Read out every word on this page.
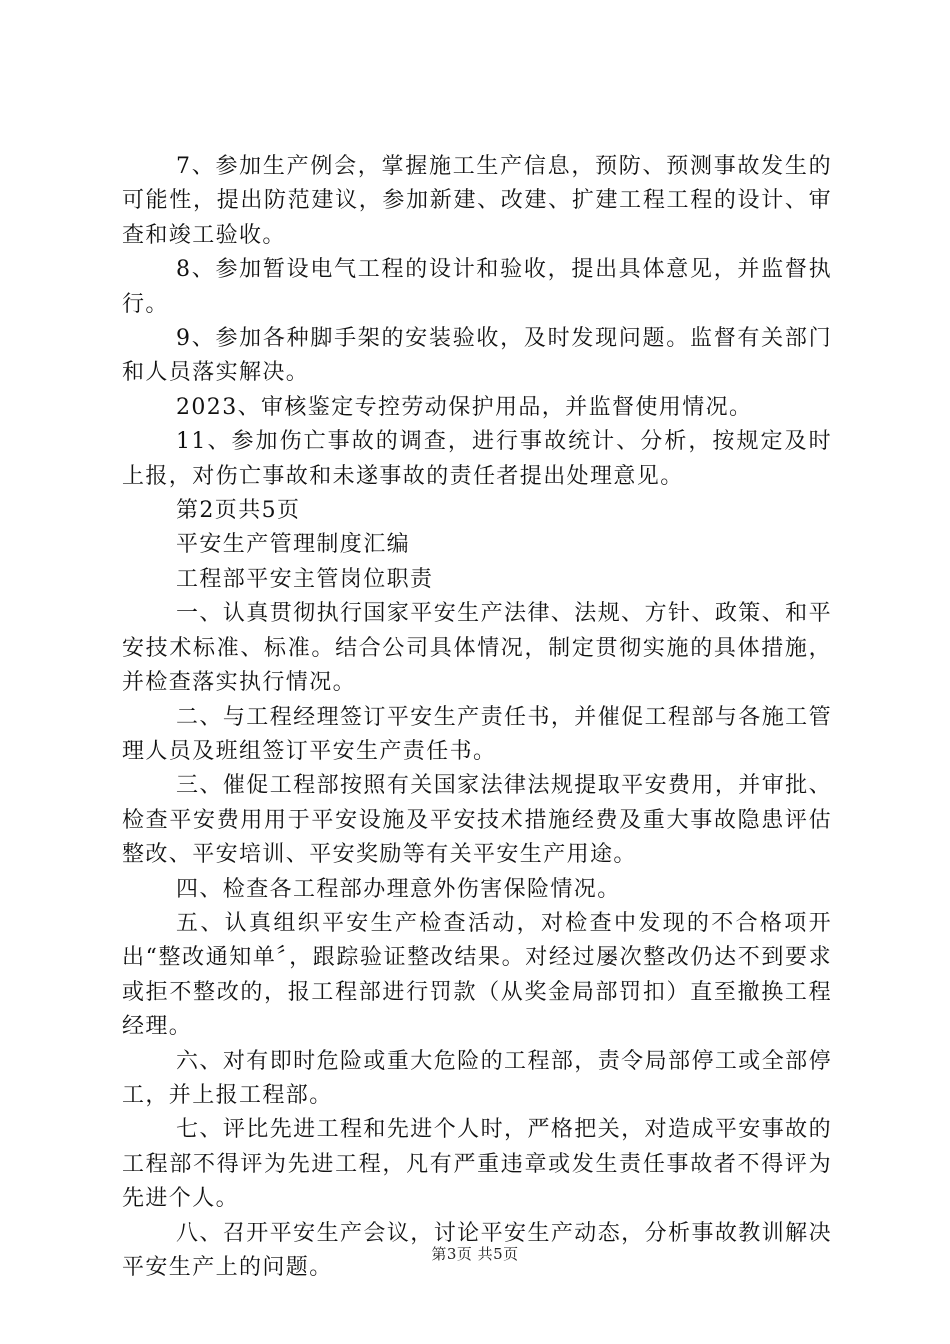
7、参加生产例会，掌握施工生产信息，预防、预测事故发生的可能性，提出防范建议，参加新建、改建、扩建工程工程的设计、审查和竣工验收。

8、参加暂设电气工程的设计和验收，提出具体意见，并监督执行。

9、参加各种脚手架的安装验收，及时发现问题。监督有关部门和人员落实解决。

2023、审核鉴定专控劳动保护用品，并监督使用情况。

11、参加伤亡事故的调查，进行事故统计、分析，按规定及时上报，对伤亡事故和未遂事故的责任者提出处理意见。

第2页共5页

平安生产管理制度汇编

工程部平安主管岗位职责

一、认真贯彻执行国家平安生产法律、法规、方针、政策、和平安技术标准、标准。结合公司具体情况，制定贯彻实施的具体措施，并检查落实执行情况。

二、与工程经理签订平安生产责任书，并催促工程部与各施工管理人员及班组签订平安生产责任书。

三、催促工程部按照有关国家法律法规提取平安费用，并审批、检查平安费用用于平安设施及平安技术措施经费及重大事故隐患评估整改、平安培训、平安奖励等有关平安生产用途。

四、检查各工程部办理意外伤害保险情况。

五、认真组织平安生产检查活动，对检查中发现的不合格项开出“整改通知单〞，跟踪验证整改结果。对经过屡次整改仍达不到要求或拒不整改的，报工程部进行罚款（从奖金局部罚扣）直至撤换工程经理。

六、对有即时危险或重大危险的工程部，责令局部停工或全部停工，并上报工程部。

七、评比先进工程和先进个人时，严格把关，对造成平安事故的工程部不得评为先进工程，凡有严重违章或发生责任事故者不得评为先进个人。

八、召开平安生产会议，讨论平安生产动态，分析事故教训解决平安生产上的问题。

第3页 共5页
